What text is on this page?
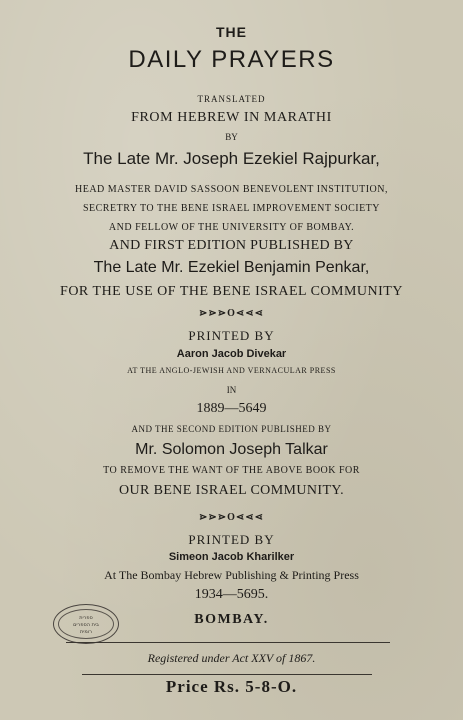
THE
DAILY PRAYERS
TRANSLATED
FROM HEBREW IN MARATHI
BY
The Late Mr. Joseph Ezekiel Rajpurkar,
HEAD MASTER DAVID SASSOON BENEVOLENT INSTITUTION,
SECRETRY TO THE BENE ISRAEL IMPROVEMENT SOCIETY
AND FELLOW OF THE UNIVERSITY OF BOMBAY.
AND FIRST EDITION PUBLISHED BY
The Late Mr. Ezekiel Benjamin Penkar,
FOR THE USE OF THE BENE ISRAEL COMMUNITY
⋗⋗⋗O⋖⋖⋖
PRINTED BY
Aaron Jacob Divekar
AT THE ANGLO-JEWISH AND VERNACULAR PRESS
IN
1889—5649
AND THE SECOND EDITION PUBLISHED BY
Mr. Solomon Joseph Talkar
TO REMOVE THE WANT OF THE ABOVE BOOK FOR
OUR BENE ISRAEL COMMUNITY.
⋗⋗⋗O⋖⋖⋖
PRINTED BY
Simeon Jacob Kharilker
At The Bombay Hebrew Publishing & Printing Press
1934—5695.
ספרית
בית הספרים
רומית
BOMBAY.
Registered under Act XXV of 1867.
Price Rs. 5-8-O.
